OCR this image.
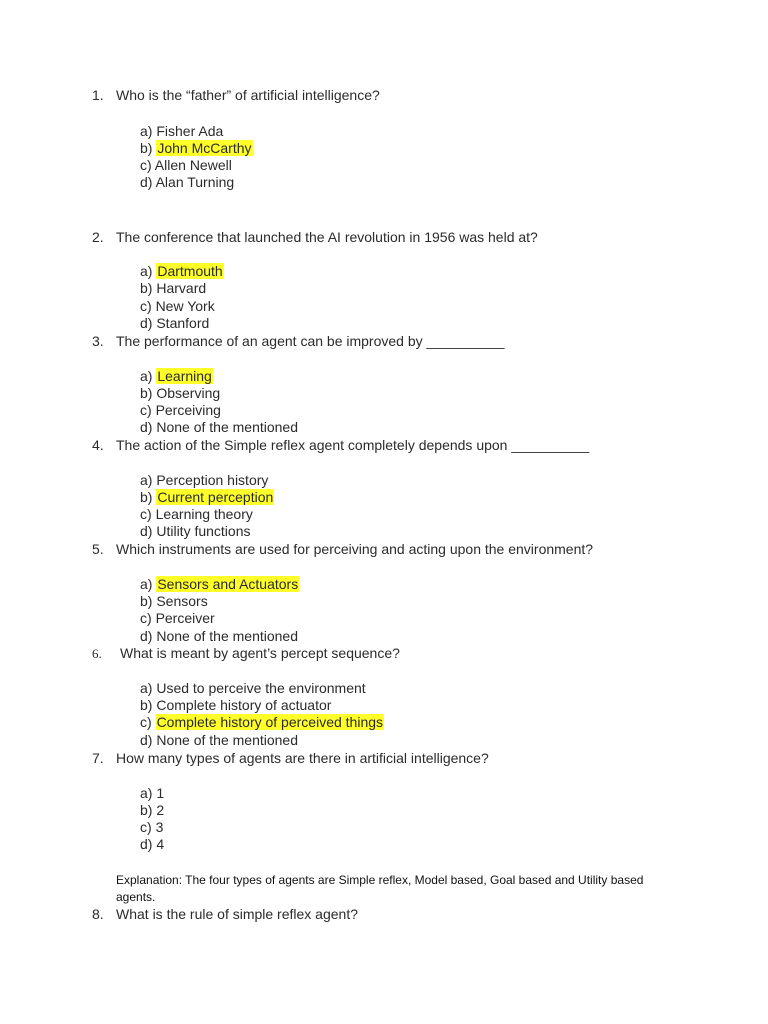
1. Who is the “father” of artificial intelligence?
a) Fisher Ada
b) John McCarthy
c) Allen Newell
d) Alan Turning
2. The conference that launched the AI revolution in 1956 was held at?
a) Dartmouth
b) Harvard
c) New York
d) Stanford
3. The performance of an agent can be improved by __________
a) Learning
b) Observing
c) Perceiving
d) None of the mentioned
4. The action of the Simple reflex agent completely depends upon __________
a) Perception history
b) Current perception
c) Learning theory
d) Utility functions
5. Which instruments are used for perceiving and acting upon the environment?
a) Sensors and Actuators
b) Sensors
c) Perceiver
d) None of the mentioned
6. What is meant by agent’s percept sequence?
a) Used to perceive the environment
b) Complete history of actuator
c) Complete history of perceived things
d) None of the mentioned
7. How many types of agents are there in artificial intelligence?
a) 1
b) 2
c) 3
d) 4
8. What is the rule of simple reflex agent?
Explanation: The four types of agents are Simple reflex, Model based, Goal based and Utility based agents.
